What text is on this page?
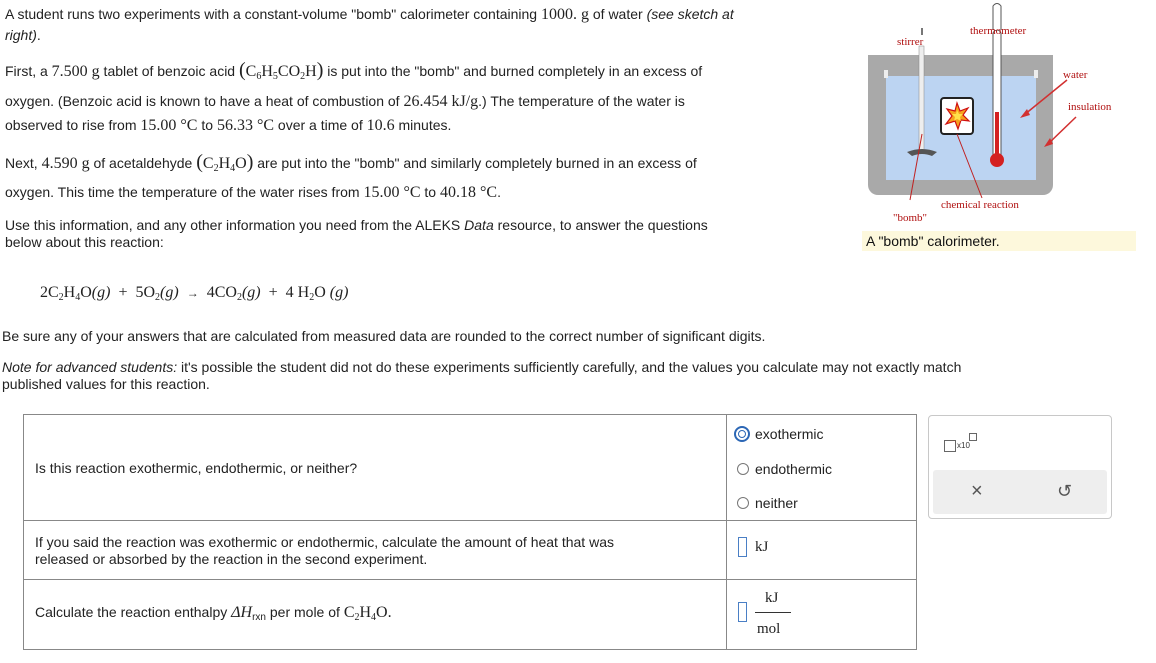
A student runs two experiments with a constant-volume "bomb" calorimeter containing 1000. g of water (see sketch at
right).
First, a 7.500 g tablet of benzoic acid $(C_6H_5CO_2H)$ is put into the "bomb" and burned completely in an excess of
oxygen. (Benzoic acid is known to have a heat of combustion of 26.454 kJ/g.) The temperature of the water is
observed to rise from 15.00 °C to 56.33 °C over a time of 10.6 minutes.
Next, 4.590 g of acetaldehyde $(C_2H_4O)$ are put into the "bomb" and similarly completely burned in an excess of
oxygen. This time the temperature of the water rises from 15.00 °C to 40.18 °C.
Use this information, and any other information you need from the ALEKS Data resource, to answer the questions
below about this reaction:
$2C_2H_4O(g) + 5O_2(g) \to 4CO_2(g) + 4$ $H_2O$ (g)
Be sure any of your answers that are calculated from measured data are rounded to the correct number of significant digits.
Note for advanced students: it's possible the student did not do these experiments sufficiently carefully, and the values you calculate may not exactly match
published values for this reaction.
stirrer
thermometer
water
insulation
chemical reaction
"bomb"
A "bomb" calorimeter.
Is this reaction exothermic, endothermic, or neither?
exothermic
endothermic
neither
If you said the reaction was exothermic or endothermic, calculate the amount of heat that was
released or absorbed by the reaction in the second experiment.
kJ
Calculate the reaction enthalpy $\Delta H_{rxn}$ per mole of $C_2H_4O$.
kJ
mol
x10
×	↺
